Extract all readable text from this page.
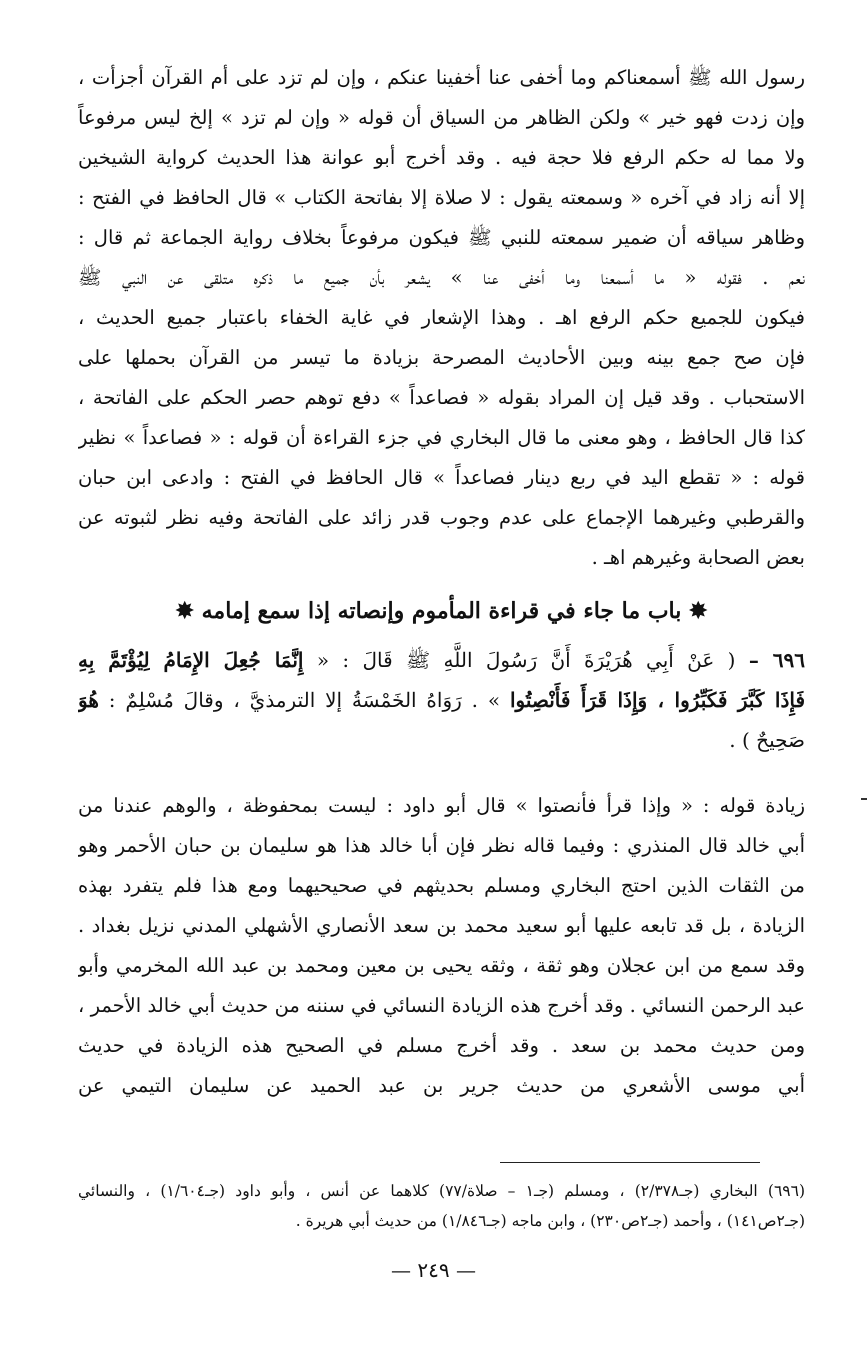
رسول الله ﷺ أسمعناكم وما أخفى عنا أخفينا عنكم ، وإن لم تزد على أم القرآن أجزأت ،

وإن زدت فهو خير » ولكن الظاهر من السياق أن قوله « وإن لم تزد » إلخ ليس مرفوعاً

ولا مما له حكم الرفع فلا حجة فيه . وقد أخرج أبو عوانة هذا الحديث كرواية الشيخين

إلا أنه زاد في آخره « وسمعته يقول : لا صلاة إلا بفاتحة الكتاب » قال الحافظ في الفتح :

وظاهر سياقه أن ضمير سمعته للنبي ﷺ فيكون مرفوعاً بخلاف رواية الجماعة ثم قال :

نعم . فقوله « ما أسمعنا وما أخفى عنا » يشعر بأن جميع ما ذكره متلقى عن النبي ﷺ

فيكون للجميع حكم الرفع اهـ . وهذا الإشعار في غاية الخفاء باعتبار جميع الحديث ،

فإن صح جمع بينه وبين الأحاديث المصرحة بزيادة ما تيسر من القرآن بحملها على

الاستحباب . وقد قيل إن المراد بقوله « فصاعداً » دفع توهم حصر الحكم على الفاتحة ،

كذا قال الحافظ ، وهو معنى ما قال البخاري في جزء القراءة أن قوله : « فصاعداً » نظير

قوله : « تقطع اليد في ربع دينار فصاعداً » قال الحافظ في الفتح : وادعى ابن حبان

والقرطبي وغيرهما الإجماع على عدم وجوب قدر زائد على الفاتحة وفيه نظر لثبوته عن

بعض الصحابة وغيرهم اهـ .

✸ باب ما جاء في قراءة المأموم وإنصاته إذا سمع إمامه ✸

٦٩٦ – ( عَنْ أَبِي هُرَيْرَةَ أَنَّ رَسُولَ اللَّهِ ﷺ قَالَ : « إِنَّمَا جُعِلَ الإِمَامُ لِيُؤْتَمَّ بِهِ

فَإِذَا كَبَّرَ فَكَبِّرُوا ، وَإِذَا قَرَأَ فَأَنْصِتُوا » . رَوَاهُ الخَمْسَةُ إلا الترمذيَّ ، وقالَ مُسْلِمٌ : هُوَ

صَحِيحٌ ) .

زيادة قوله : « وإذا قرأ فأنصتوا » قال أبو داود : ليست بمحفوظة ، والوهم عندنا من

أبي خالد قال المنذري : وفيما قاله نظر فإن أبا خالد هذا هو سليمان بن حبان الأحمر وهو

من الثقات الذين احتج البخاري ومسلم بحديثهم في صحيحيهما ومع هذا فلم يتفرد بهذه

الزيادة ، بل قد تابعه عليها أبو سعيد محمد بن سعد الأنصاري الأشهلي المدني نزيل بغداد .

وقد سمع من ابن عجلان وهو ثقة ، وثقه يحيى بن معين ومحمد بن عبد الله المخرمي وأبو

عبد الرحمن النسائي . وقد أخرج هذه الزيادة النسائي في سننه من حديث أبي خالد الأحمر ،

ومن حديث محمد بن سعد . وقد أخرج مسلم في الصحيح هذه الزيادة في حديث

أبي موسى الأشعري من حديث جرير بن عبد الحميد عن سليمان التيمي عن

(٦٩٦) البخاري (جـ٢/٣٧٨) ، ومسلم (جـ١ – صلاة/٧٧) كلاهما عن أنس ، وأبو داود (جـ١/٦٠٤) ، والنسائي

(جـ٢ص١٤١) ، وأحمد (جـ٢ص٢٣٠) ، وابن ماجه (جـ١/٨٤٦) من حديث أبي هريرة .

— ٢٤٩ —
